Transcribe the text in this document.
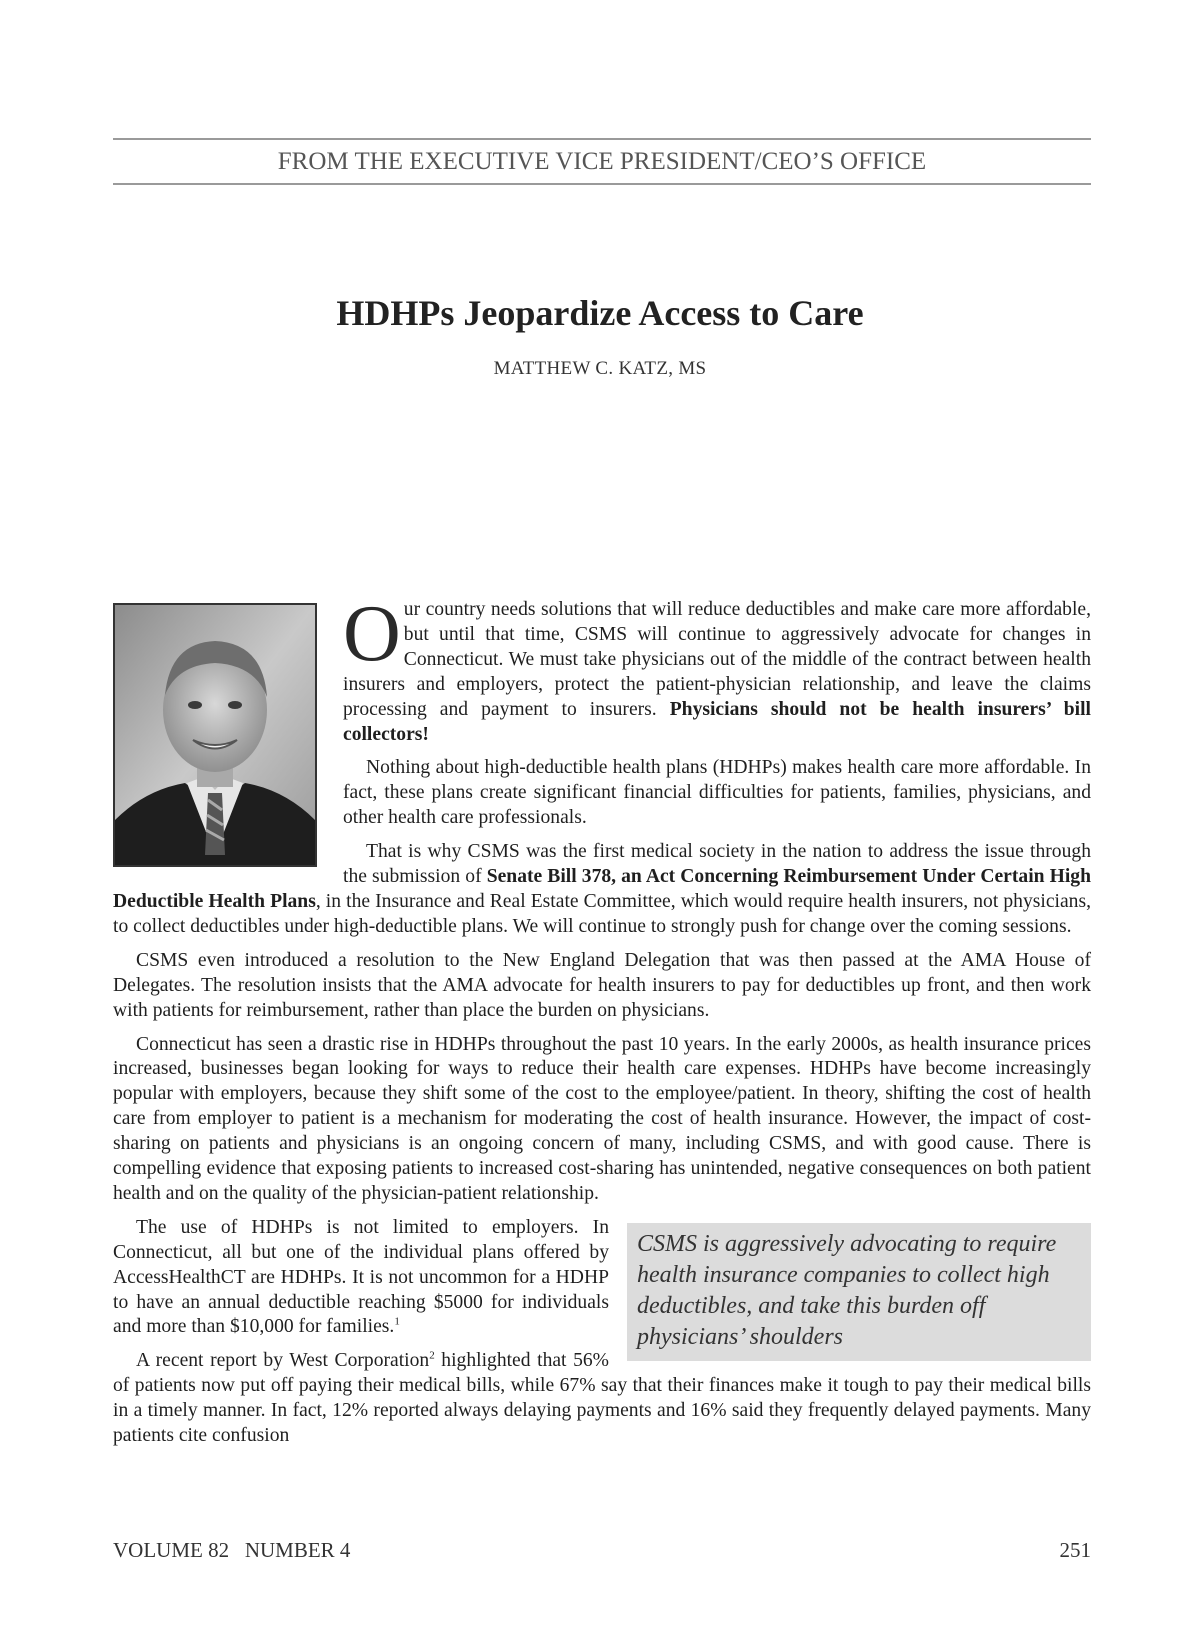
FROM THE EXECUTIVE VICE PRESIDENT/CEO’S OFFICE
HDHPs Jeopardize Access to Care
MATTHEW C. KATZ, MS

Our country needs solutions that will reduce deductibles and make care more affordable, but until that time, CSMS will continue to aggressively advocate for changes in Connecticut. We must take physicians out of the middle of the contract between health insurers and employers, protect the patient-physician relationship, and leave the claims processing and payment to insurers. Physicians should not be health insurers’ bill collectors!

Nothing about high-deductible health plans (HDHPs) makes health care more affordable. In fact, these plans create significant financial difficulties for patients, families, physicians, and other health care professionals.

That is why CSMS was the first medical society in the nation to address the issue through the submission of Senate Bill 378, an Act Concerning Reimbursement Under Certain High Deductible Health Plans, in the Insurance and Real Estate Committee, which would require health insurers, not physicians, to collect deductibles under high-deductible plans. We will continue to strongly push for change over the coming sessions.

CSMS even introduced a resolution to the New England Delegation that was then passed at the AMA House of Delegates. The resolution insists that the AMA advocate for health insurers to pay for deductibles up front, and then work with patients for reimbursement, rather than place the burden on physicians.

Connecticut has seen a drastic rise in HDHPs throughout the past 10 years. In the early 2000s, as health insurance prices increased, businesses began looking for ways to reduce their health care expenses. HDHPs have become increasingly popular with employers, because they shift some of the cost to the employee/patient. In theory, shifting the cost of health care from employer to patient is a mechanism for moderating the cost of health insurance. However, the impact of cost-sharing on patients and physicians is an ongoing concern of many, including CSMS, and with good cause. There is compelling evidence that exposing patients to increased cost-sharing has unintended, negative consequences on both patient health and on the quality of the physician-patient relationship.

CSMS is aggressively advocating to require health insurance companies to collect high deductibles, and take this burden off physicians’ shoulders

The use of HDHPs is not limited to employers. In Connecticut, all but one of the individual plans offered by AccessHealthCT are HDHPs. It is not uncommon for a HDHP to have an annual deductible reaching $5000 for individuals and more than $10,000 for families.$^1$

A recent report by West Corporation$^2$ highlighted that 56% of patients now put off paying their medical bills, while 67% say that their finances make it tough to pay their medical bills in a timely manner. In fact, 12% reported always delaying payments and 16% said they frequently delayed payments. Many patients cite confusion

VOLUME 82   NUMBER 4	251
